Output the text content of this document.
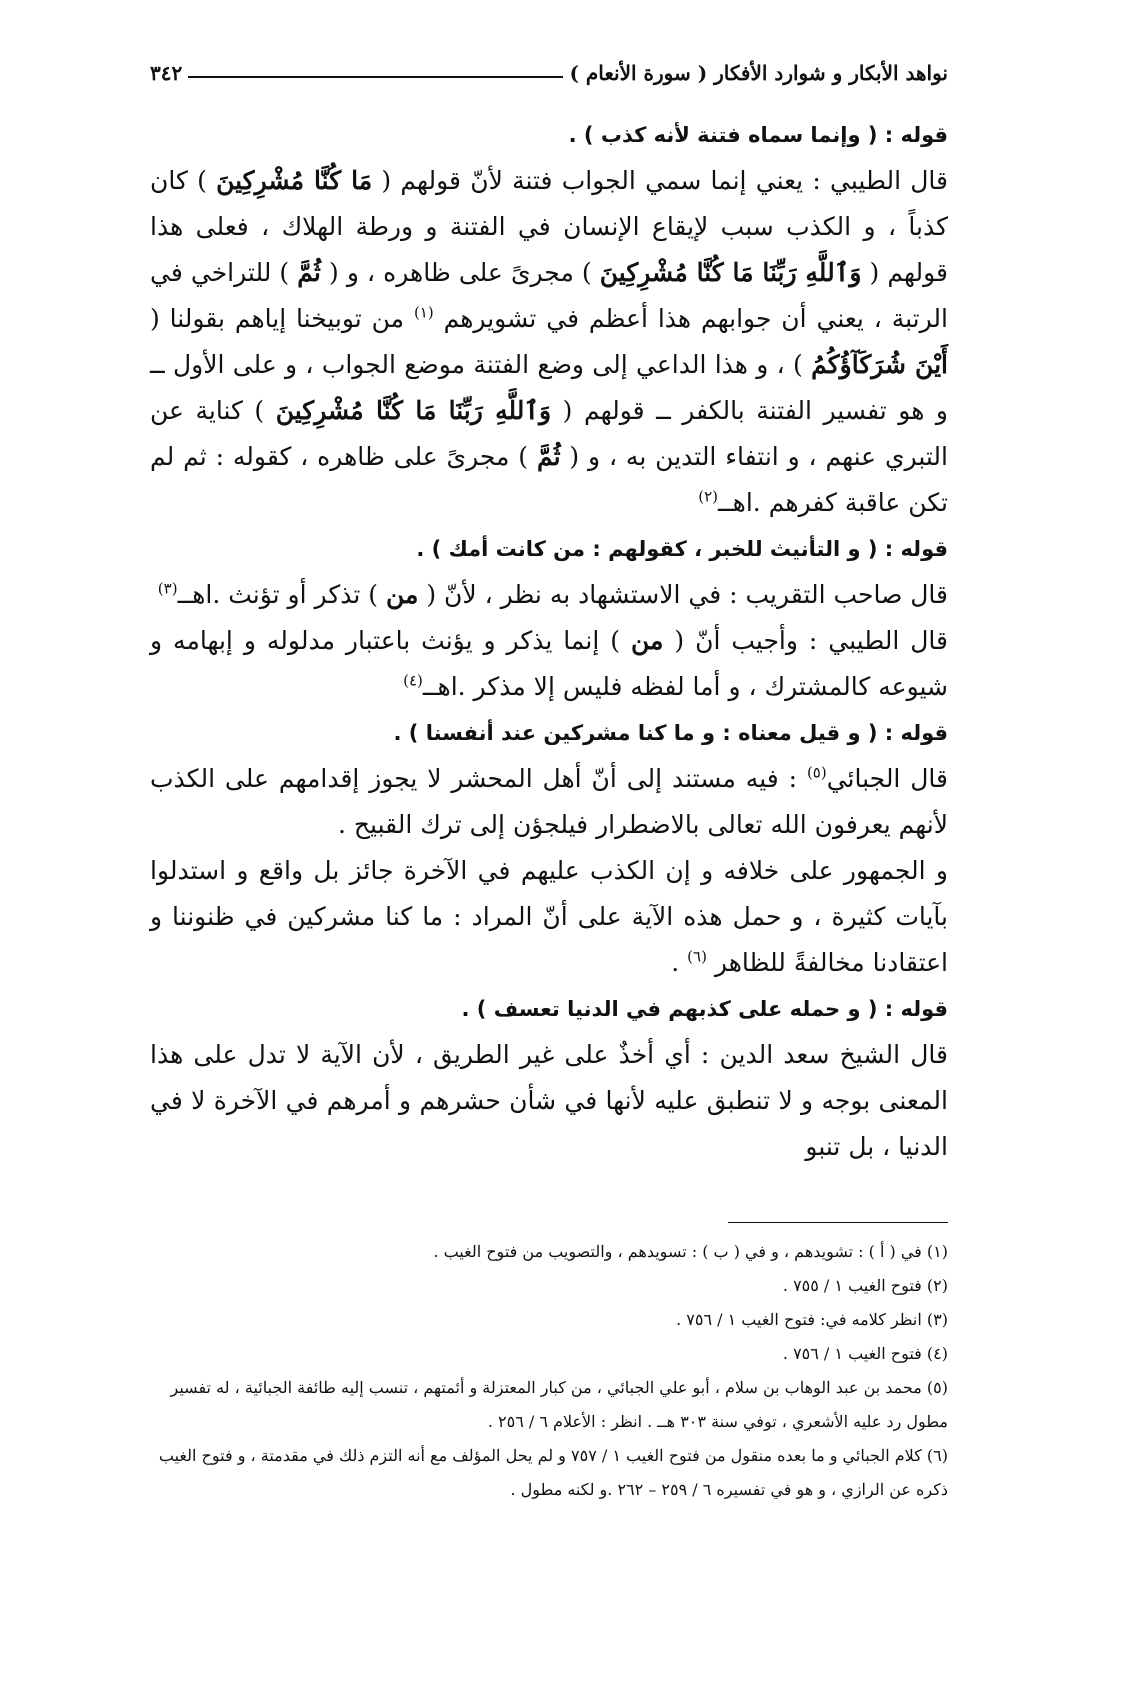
نواهد الأبكار و شوارد الأفكار ( سورة الأنعام )
٣٤٢

قوله : ( وإنما سماه فتنة لأنه كذب ) .

قال الطيبي : يعني إنما سمي الجواب فتنة لأنّ قولهم ( مَا كُنَّا مُشْرِكِينَ ) كان كذباً ، و الكذب سبب لإيقاع الإنسان في الفتنة و ورطة الهلاك ، فعلى هذا قولهم ( وَٱللَّهِ رَبِّنَا مَا كُنَّا مُشْرِكِينَ ) مجرىً على ظاهره ، و ( ثُمَّ ) للتراخي في الرتبة ، يعني أن جوابهم هذا أعظم في تشويرهم $^{(١)}$ من توبيخنا إياهم بقولنا ( أَيْنَ شُرَكَآؤُكُمُ ) ، و هذا الداعي إلى وضع الفتنة موضع الجواب ، و على الأول ــ و هو تفسير الفتنة بالكفر ــ قولهم ( وَٱللَّهِ رَبِّنَا مَا كُنَّا مُشْرِكِينَ ) كناية عن التبري عنهم ، و انتفاء التدين به ، و ( ثُمَّ ) مجرىً على ظاهره ، كقوله : ثم لم تكن عاقبة كفرهم .اهــ$^{(٢)}$

قوله : ( و التأنيث للخبر ، كقولهم : من كانت أمك ) .

قال صاحب التقريب : في الاستشهاد به نظر ، لأنّ ( من ) تذكر أو تؤنث .اهــ$^{(٣)}$

قال الطيبي : وأجيب أنّ ( من ) إنما يذكر و يؤنث باعتبار مدلوله و إبهامه و شيوعه كالمشترك ، و أما لفظه فليس إلا مذكر .اهــ$^{(٤)}$

قوله : ( و قيل معناه : و ما كنا مشركين عند أنفسنا ) .

قال الجبائي$^{(٥)}$ : فيه مستند إلى أنّ أهل المحشر لا يجوز إقدامهم على الكذب لأنهم يعرفون الله تعالى بالاضطرار فيلجؤن إلى ترك القبيح .

و الجمهور على خلافه و إن الكذب عليهم في الآخرة جائز بل واقع و استدلوا بآيات كثيرة ، و حمل هذه الآية على أنّ المراد : ما كنا مشركين في ظنوننا و اعتقادنا مخالفةً للظاهر $^{(٦)}$ .

قوله : ( و حمله على كذبهم في الدنيا تعسف ) .

قال الشيخ سعد الدين : أي أخذٌ على غير الطريق ، لأن الآية لا تدل على هذا المعنى بوجه و لا تنطبق عليه لأنها في شأن حشرهم و أمرهم في الآخرة لا في الدنيا ، بل تنبو

(١) في ( أ ) : تشويدهم ، و في ( ب ) : تسويدهم ، والتصويب من فتوح الغيب .

(٢) فتوح الغيب ١ / ٧٥٥ .

(٣) انظر كلامه في: فتوح الغيب ١ / ٧٥٦ .

(٤) فتوح الغيب ١ / ٧٥٦ .

(٥) محمد بن عبد الوهاب بن سلام ، أبو علي الجبائي ، من كبار المعتزلة و أئمتهم ، تنسب إليه طائفة الجبائية ، له تفسير مطول رد عليه الأشعري ، توفي سنة ٣٠٣ هــ . انظر : الأعلام ٦ / ٢٥٦ .

(٦) كلام الجبائي و ما بعده منقول من فتوح الغيب ١ / ٧٥٧ و لم يحل المؤلف مع أنه التزم ذلك في مقدمتة ، و فتوح الغيب ذكره عن الرازي ، و هو في تفسيره ٦ / ٢٥٩ – ٢٦٢ .و لكنه مطول .
